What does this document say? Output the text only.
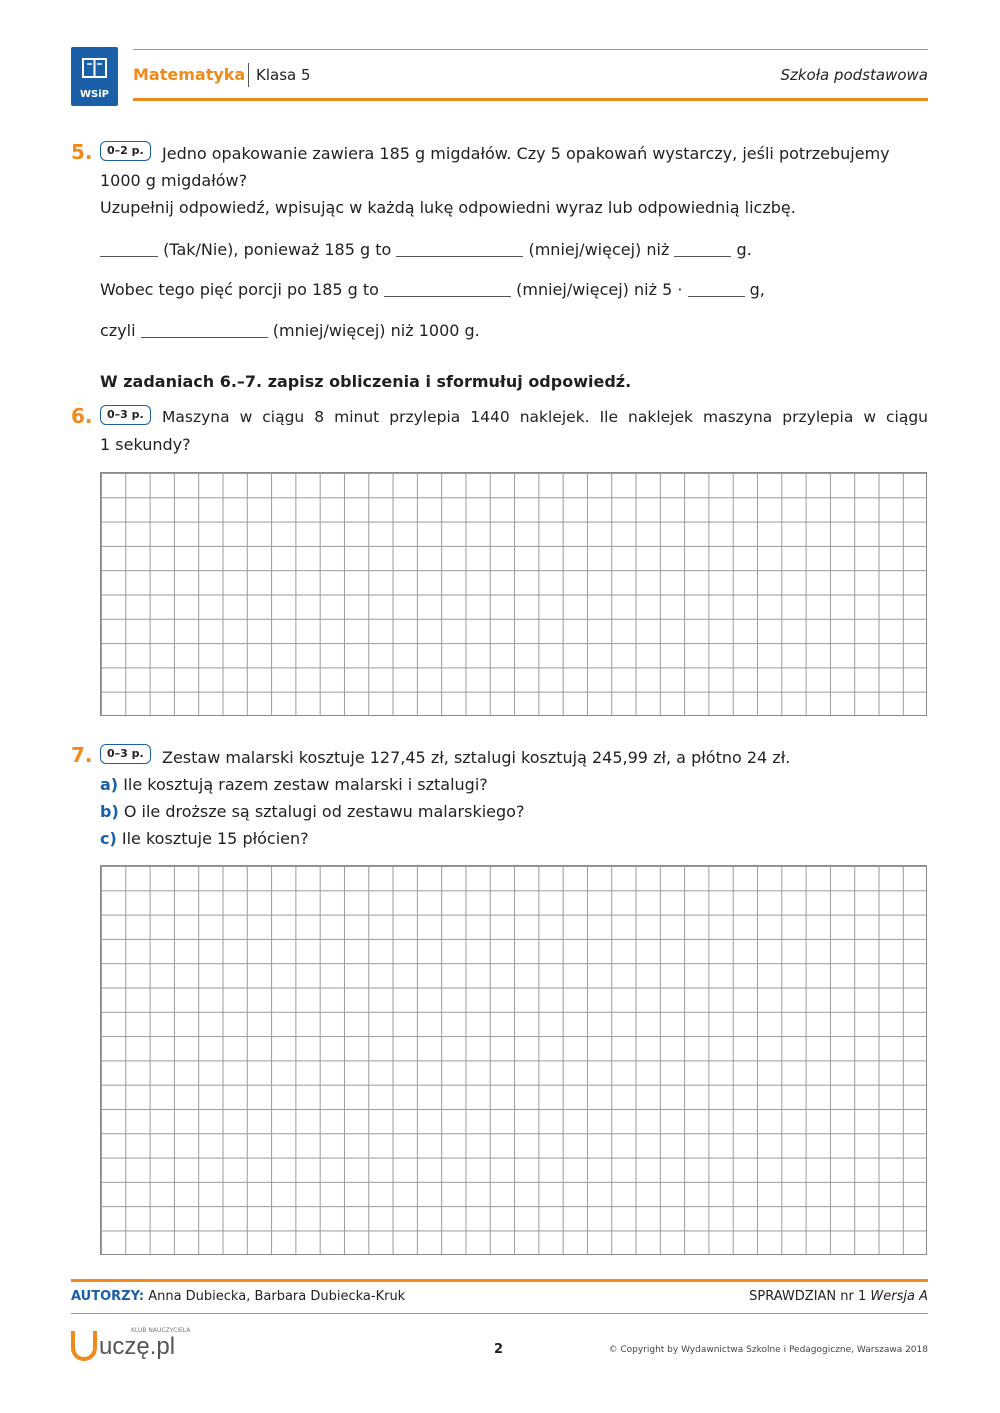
WSiP
Matematyka Klasa 5	Szkoła podstawowa
5.	0–2 p.	Jedno opakowanie zawiera 185 g migdałów. Czy 5 opakowań wystarczy, jeśli potrzebujemy
1000 g migdałów?
Uzupełnij odpowiedź, wpisując w każdą lukę odpowiedni wyraz lub odpowiednią liczbę.
(Tak/Nie), ponieważ 185 g to	(mniej/więcej) niż	g.
Wobec tego pięć porcji po 185 g to	(mniej/więcej) niż 5 ·	g,
czyli	(mniej/więcej) niż 1000 g.
W zadaniach 6.–7. zapisz obliczenia i sformułuj odpowiedź.
6.	0–3 p.	Maszyna w ciągu 8 minut przylepia 1440 naklejek. Ile naklejek maszyna przylepia w ciągu
1 sekundy?
7.	0–3 p.	Zestaw malarski kosztuje 127,45 zł, sztalugi kosztują 245,99 zł, a płótno 24 zł.
a) Ile kosztują razem zestaw malarski i sztalugi?
b) O ile droższe są sztalugi od zestawu malarskiego?
c) Ile kosztuje 15 płócien?
AUTORZY: Anna Dubiecka, Barbara Dubiecka-Kruk	SPRAWDZIAN nr 1 Wersja A
KLUB NAUCZYCIELA
uczę.pl	2	© Copyright by Wydawnictwa Szkolne i Pedagogiczne, Warszawa 2018
